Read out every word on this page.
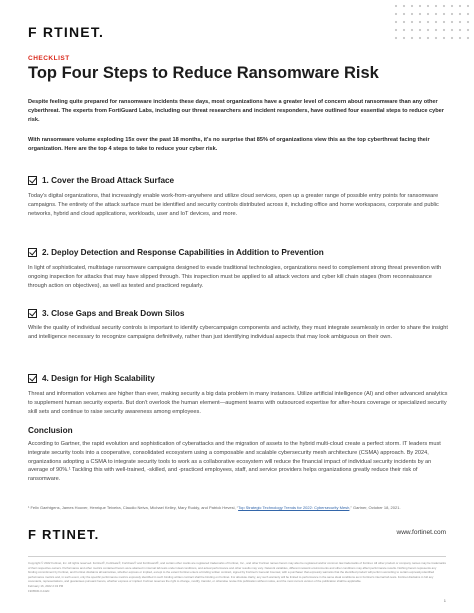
F RTINET.
CHECKLIST
Top Four Steps to Reduce Ransomware Risk

Despite feeling quite prepared for ransomware incidents these days, most organizations have a greater level of concern about ransomware than any other cyberthreat. The experts from FortiGuard Labs, including our threat researchers and incident responders, have outlined four essential steps to reduce cyber risk.

With ransomware volume exploding 15x over the past 18 months, it's no surprise that 85% of organizations view this as the top cyberthreat facing their organization. Here are the top 4 steps to take to reduce your cyber risk.

1. Cover the Broad Attack Surface

Today's digital organizations, that increasingly enable work-from-anywhere and utilize cloud services, open up a greater range of possible entry points for ransomware campaigns. The entirety of the attack surface must be identified and security controls distributed across it, including office and home workspaces, corporate and public networks, hybrid and cloud applications, workloads, user and IoT devices, and more.

2. Deploy Detection and Response Capabilities in Addition to Prevention

In light of sophisticated, multistage ransomware campaigns designed to evade traditional technologies, organizations need to complement strong threat prevention with ongoing inspection for attacks that may have slipped through. This inspection must be applied to all attack vectors and cyber kill chain stages (from reconnaissance through action on objectives), as well as tested and practiced regularly.

3. Close Gaps and Break Down Silos

While the quality of individual security controls is important to identify cybercampaign components and activity, they must integrate seamlessly in order to share the insight and intelligence necessary to recognize campaigns definitively, rather than just identifying individual aspects that may look ambiguous on their own.

4. Design for High Scalability

Threat and information volumes are higher than ever, making security a big data problem in many instances. Utilize artificial intelligence (AI) and other advanced analytics to supplement human security experts. But don't overlook the human element—augment teams with outsourced expertise for after-hours coverage or specialized security skill sets and continue to raise security awareness among employees.

Conclusion

According to Gartner, the rapid evolution and sophistication of cyberattacks and the migration of assets to the hybrid multi-cloud create a perfect storm. IT leaders must integrate security tools into a cooperative, consolidated ecosystem using a composable and scalable cybersecurity mesh architecture (CSMA) approach. By 2024, organizations adopting a CSMA to integrate security tools to work as a collaborative ecosystem will reduce the financial impact of individual security incidents by an average of 90%.¹ Tackling this with well-trained, -skilled, and -practiced employees, staff, and service providers helps organizations greatly reduce their risk of ransomware.

¹ Felix Gaehtgens, James Hoover, Henrique Teixeira, Claudio Neiva, Michael Kelley, Mary Ruddy, and Patrick Hevesi, “Top Strategic Technology Trends for 2022: Cybersecurity Mesh,” Gartner, October 18, 2021.
F RTINET.	www.fortinet.com
Copyright © 2022 Fortinet, Inc. All rights reserved. Fortinet®, FortiGate®, FortiCare® and FortiGuard®, and certain other marks are registered trademarks of Fortinet, Inc., and other Fortinet names herein may also be registered and/or common law trademarks of Fortinet. All other product or company names may be trademarks of their respective owners. Performance and other metrics contained herein were attained in internal lab tests under ideal conditions, and actual performance and other results may vary. Network variables, different network environments and other conditions may affect performance results. Nothing herein represents any binding commitment by Fortinet, and Fortinet disclaims all warranties, whether express or implied, except to the extent Fortinet enters a binding written contract, signed by Fortinet's General Counsel, with a purchaser that expressly warrants that the identified product will perform according to certain expressly-identified performance metrics and, in such event, only the specific performance metrics expressly identified in such binding written contract shall be binding on Fortinet. For absolute clarity, any such warranty will be limited to performance in the same ideal conditions as in Fortinet's internal lab tests. Fortinet disclaims in full any covenants, representations, and guarantees pursuant hereto, whether express or implied. Fortinet reserves the right to change, modify, transfer, or otherwise revise this publication without notice, and the most current version of the publication shall be applicable.
February 16, 2022 2:43 PM
1906530-0-0-EN
1
